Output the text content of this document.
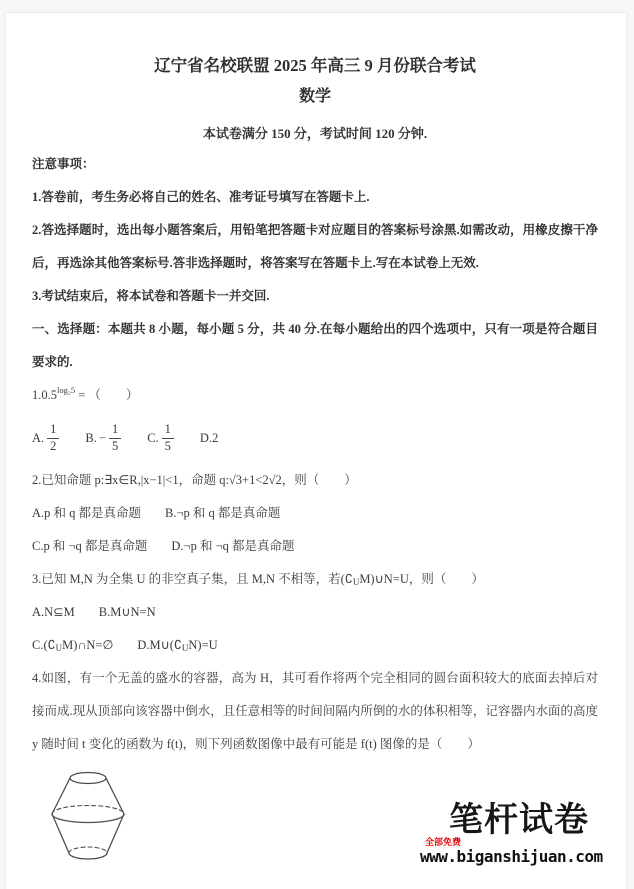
辽宁省名校联盟 2025 年高三 9 月份联合考试
数学
本试卷满分 150 分，考试时间 120 分钟.

注意事项：

1.答卷前，考生务必将自己的姓名、准考证号填写在答题卡上.

2.答选择题时，选出每小题答案后，用铅笔把答题卡对应题目的答案标号涂黑.如需改动，用橡皮擦干净后，再选涂其他答案标号.答非选择题时，将答案写在答题卡上.写在本试卷上无效.

3.考试结束后，将本试卷和答题卡一并交回.

一、选择题：本题共 8 小题，每小题 5 分，共 40 分.在每小题给出的四个选项中，只有一项是符合题目要求的.

$1.0.5^{log_25}$ = （　　）

A. $\frac{1}{2} B$. − $\frac{1}{5} C$. $\frac{1}{5} D$. 2

2.已知命题 p:∃x∈R,|x−1|<1，命题 q:√3+1<2√2，则（　　）

A.p 和 q 都是真命题 B.¬p 和 q 都是真命题

C.p 和 ¬q 都是真命题 D.¬p 和 ¬q 都是真命题

3.已知 M,N 为全集 U 的非空真子集，且 M,N 不相等，若$(∁_UM)\cup N=U$，则（　　）

A.N⊆M B.M∪N=N

$C.(∁_UM)\cap N=\emptyset$ $D.M\cup(∁_UN)=U$

4.如图，有一个无盖的盛水的容器，高为 H，其可看作将两个完全相同的圆台面积较大的底面去掉后对接而成.现从顶部向该容器中倒水，且任意相等的时间间隔内所倒的水的体积相等，记容器内水面的高度 y 随时间 t 变化的函数为 f(t)，则下列函数图像中最有可能是 f(t) 图像的是（　　）

笔杆试卷
全部免费
www.biganshijuan.com
